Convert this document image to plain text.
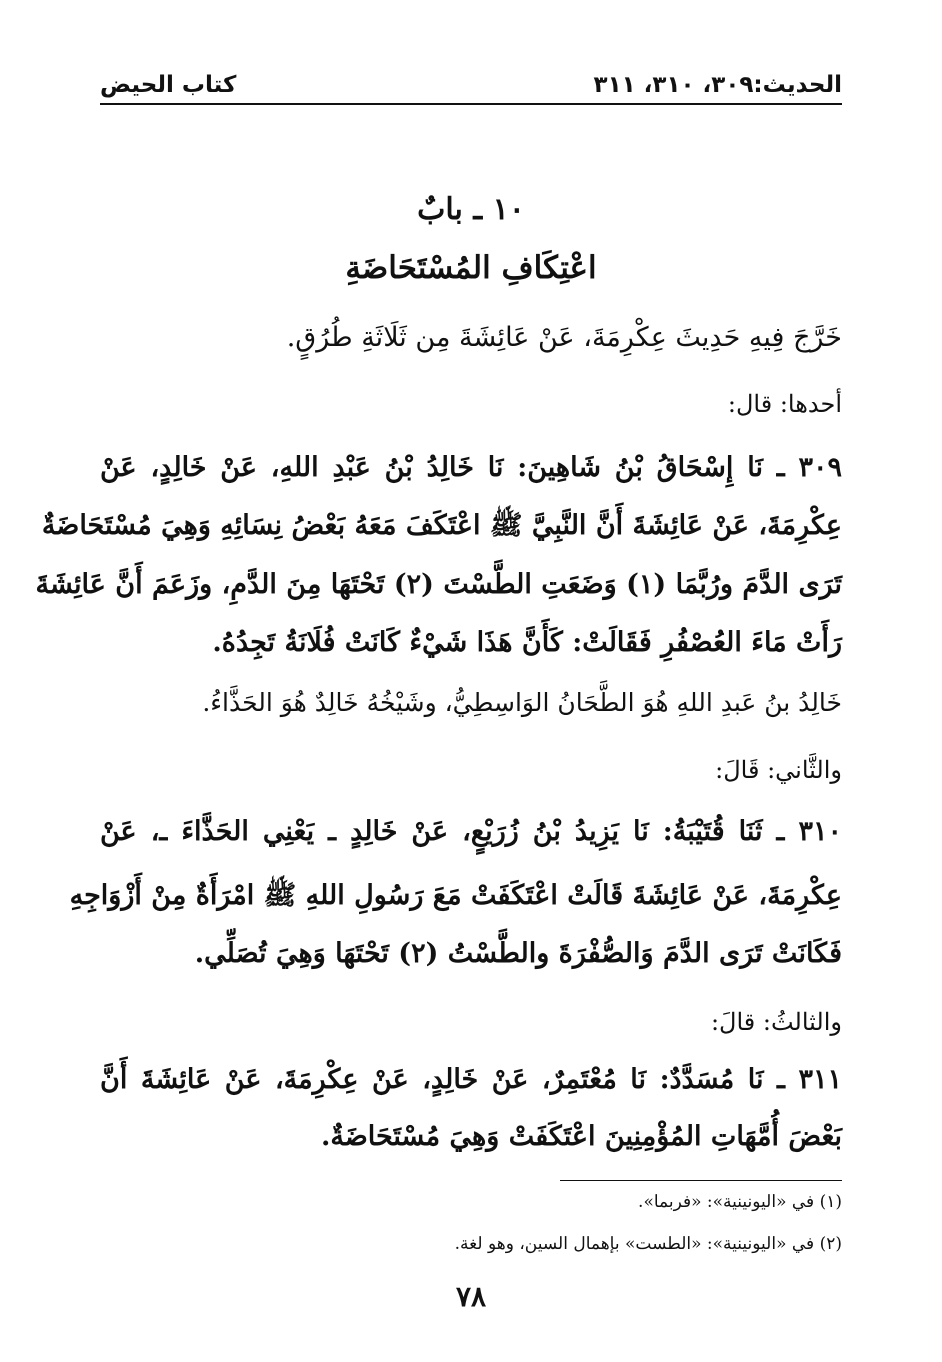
الحديث:٣٠٩، ٣١٠، ٣١١
كتاب الحيض
١٠ ـ بابٌ
اعْتِكَافِ المُسْتَحَاضَةِ
خَرَّجَ فِيهِ حَدِيثَ عِكْرِمَةَ، عَنْ عَائِشَةَ مِن ثَلَاثَةِ طُرُقٍ.
أحدها: قال:
٣٠٩ ـ نَا إِسْحَاقُ بْنُ شَاهِينَ: نَا خَالِدُ بْنُ عَبْدِ اللهِ، عَنْ خَالِدٍ، عَنْ
عِكْرِمَةَ، عَنْ عَائِشَةَ أَنَّ النَّبِيَّ ﷺ اعْتَكَفَ مَعَهُ بَعْضُ نِسَائِهِ وَهِيَ مُسْتَحَاضَةٌ
تَرَى الدَّمَ ورُبَّمَا (١) وَضَعَتِ الطَّسْتَ (٢) تَحْتَهَا مِنَ الدَّمِ، وزَعَمَ أَنَّ عَائِشَةَ
رَأَتْ مَاءَ العُصْفُرِ فَقَالَتْ: كَأَنَّ هَذَا شَيْءٌ كَانَتْ فُلَانَةُ تَجِدُهُ.
خَالِدُ بنُ عَبدِ اللهِ هُوَ الطَّحَانُ الوَاسِطِيُّ، وشَيْخُهُ خَالِدٌ هُوَ الحَذَّاءُ.
والثَّاني: قَالَ:
٣١٠ ـ ثَنَا قُتَيْبَةُ: نَا يَزِيدُ بْنُ زُرَيْعٍ، عَنْ خَالِدٍ ـ يَعْنِي الحَذَّاءَ ـ، عَنْ
عِكْرِمَةَ، عَنْ عَائِشَةَ قَالَتْ اعْتَكَفَتْ مَعَ رَسُولِ اللهِ ﷺ امْرَأَةٌ مِنْ أَزْوَاجِهِ
فَكَانَتْ تَرَى الدَّمَ وَالصُّفْرَةَ والطَّسْتُ (٢) تَحْتَهَا وَهِيَ تُصَلِّي.
والثالثُ: قالَ:
٣١١ ـ نَا مُسَدَّدٌ: نَا مُعْتَمِرٌ، عَنْ خَالِدٍ، عَنْ عِكْرِمَةَ، عَنْ عَائِشَةَ أَنَّ
بَعْضَ أُمَّهَاتِ المُؤْمِنِينَ اعْتَكَفَتْ وَهِيَ مُسْتَحَاضَةٌ.
(١) في «اليونينية»: «فربما».
(٢) في «اليونينية»: «الطست» بإهمال السين، وهو لغة.
٧٨
